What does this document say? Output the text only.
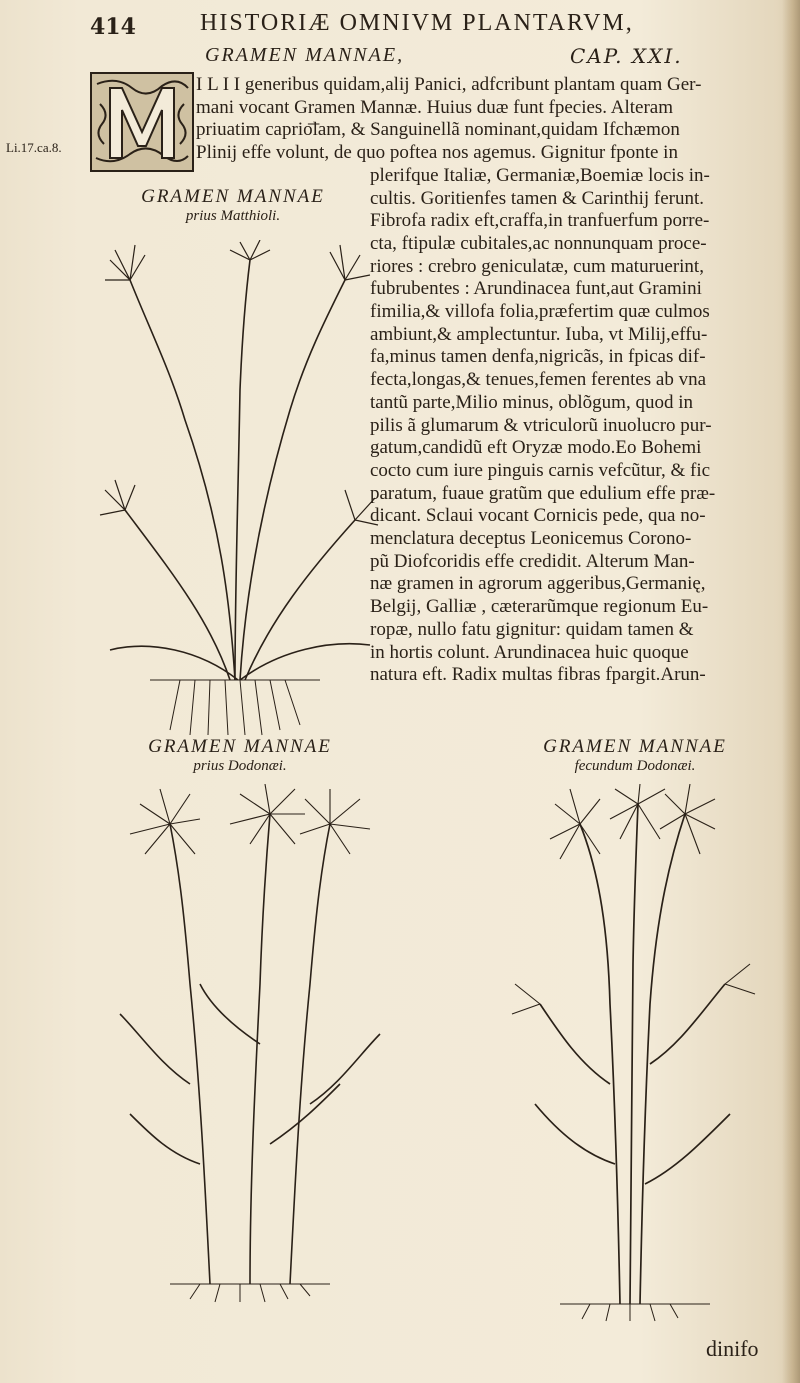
414	HISTORIÆ OMNIVM PLANTARVM,
GRAMEN MANNAE,	CAP. XXI.
Li.17.ca.8.
I L I I generibus quidam,alij Panici, adfcribunt plantam quam Ger-
mani vocant Gramen Mannæ. Huius duæ funt fpecies. Alteram
priuatim caprio͞lam, & Sanguinellã nominant,quidam Ifchæmon
Plinij effe volunt, de quo poftea nos agemus. Gignitur fponte in
plerifque Italiæ, Germaniæ,Boemiæ locis in-
cultis. Goritienfes tamen & Carinthij ferunt.
Fibrofa radix eft,craffa,in tranfuerfum porre-
cta, ftipulæ cubitales,ac nonnunquam proce-
riores : crebro geniculatæ, cum maturuerint,
fubrubentes : Arundinacea funt,aut Gramini
fimilia,& villofa folia,præfertim quæ culmos
ambiunt,& amplectuntur. Iuba, vt Milij,effu-
fa,minus tamen denfa,nigricãs, in fpicas dif-
fecta,longas,& tenues,femen ferentes ab vna
tantũ parte,Milio minus, oblõgum, quod in
pilis ã glumarum & vtriculorũ inuolucro pur-
gatum,candidũ eft Oryzæ modo.Eo Bohemi
cocto cum iure pinguis carnis vefcũtur, & fic
paratum, fuaue gratũm que edulium effe præ-
dicant. Sclaui vocant Cornicis pede, qua no-
menclatura deceptus Leonicemus Corono-
pũ Diofcoridis effe credidit. Alterum Man-
næ gramen in agrorum aggeribus,Germanię,
Belgij, Galliæ , cæterarũmque regionum Eu-
ropæ, nullo fatu gignitur: quidam tamen &
in hortis colunt. Arundinacea huic quoque
natura eft. Radix multas fibras fpargit.Arun-
GRAMEN MANNAE
prius Matthioli.
GRAMEN MANNAE
prius Dodonæi.
GRAMEN MANNAE
fecundum Dodonæi.
dinifo
